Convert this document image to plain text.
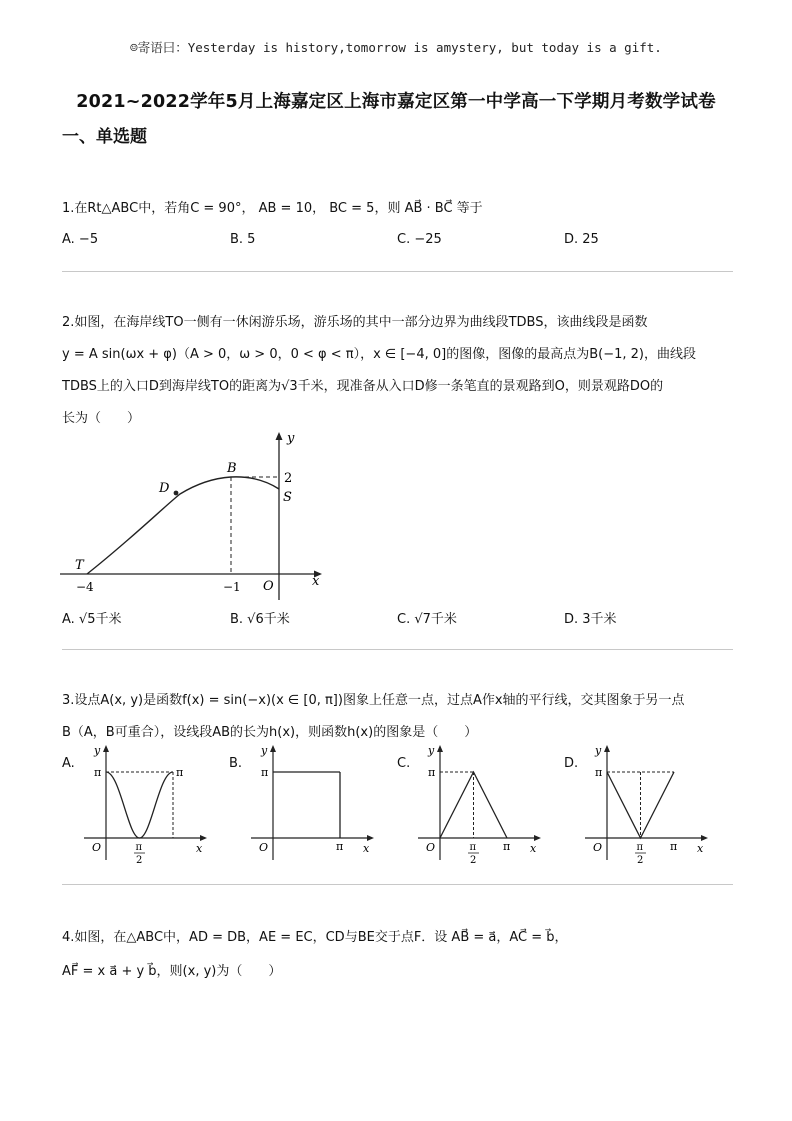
☺寄语曰：Yesterday is history,tomorrow is amystery, but today is a gift.
2021~2022学年5月上海嘉定区上海市嘉定区第一中学高一下学期月考数学试卷
一、单选题
1.在Rt△ABC中，若角C = 90°， AB = 10， BC = 5，则 AB⃗ · BC⃗ 等于
A. −5	B. 5	C. −25	D. 25
2.如图，在海岸线TO一侧有一休闲游乐场，游乐场的其中一部分边界为曲线段TDBS，该曲线段是函数
y = A sin(ωx + φ)（A > 0，ω > 0，0 < φ < π），x ∈ [−4, 0]的图像，图像的最高点为B(−1, 2)，曲线段
TDBS上的入口D到海岸线TO的距离为√3千米，现准备从入口D修一条笔直的景观路到O，则景观路DO的
长为（　　）
y
x
O
B
D
S
T
2
−4	−1
A. √5千米	B. √6千米	C. √7千米	D. 3千米
3.设点A(x, y)是函数f(x) = sin(−x)(x ∈ [0, π])图象上任意一点，过点A作x轴的平行线，交其图象于另一点
B（A，B可重合），设线段AB的长为h(x)，则函数h(x)的图象是（　　）
A.
y
x
O
π	π
π
2
B.
y
x
O
π
π
C.
y
x
O
π
π
π
2
D.
y
x
O
π
π
π
2
4.如图，在△ABC中，AD = DB，AE = EC，CD与BE交于点F．设 AB⃗ = a⃗，AC⃗ = b⃗，
AF⃗ = x a⃗ + y b⃗，则(x, y)为（　　）
